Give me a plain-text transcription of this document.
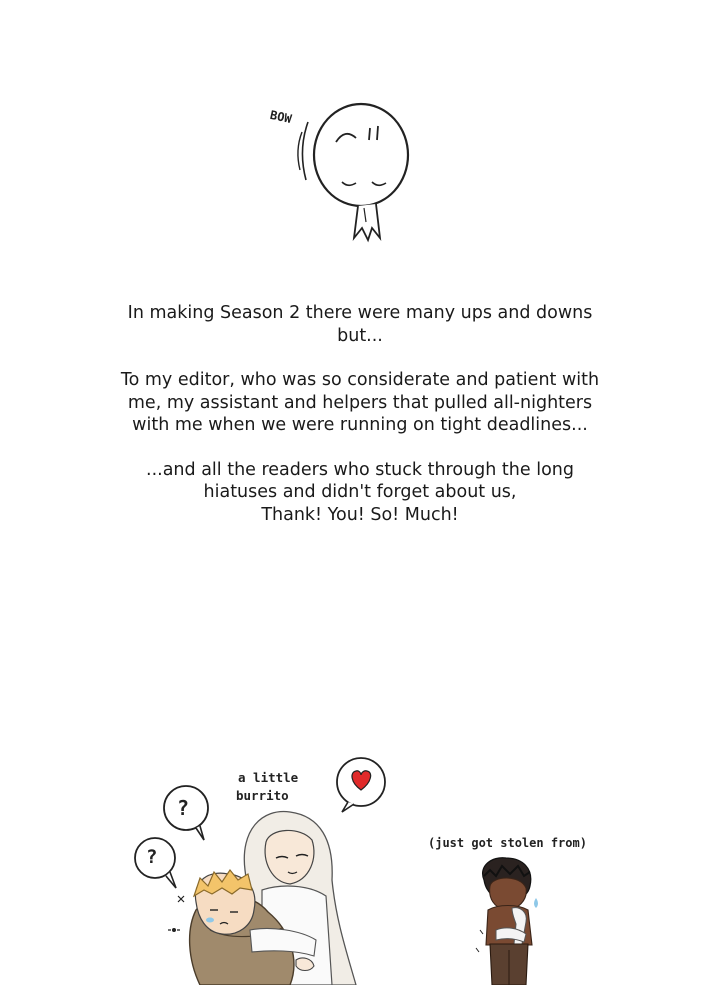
BOW

In making Season 2 there were many ups and downs but...

To my editor, who was so considerate and patient with me, my assistant and helpers that pulled all-nighters with me when we were running on tight deadlines...

...and all the readers who stuck through the long hiatuses and didn't forget about us,
Thank! You! So! Much!

a little
burrito
?
?
(just got stolen from)
